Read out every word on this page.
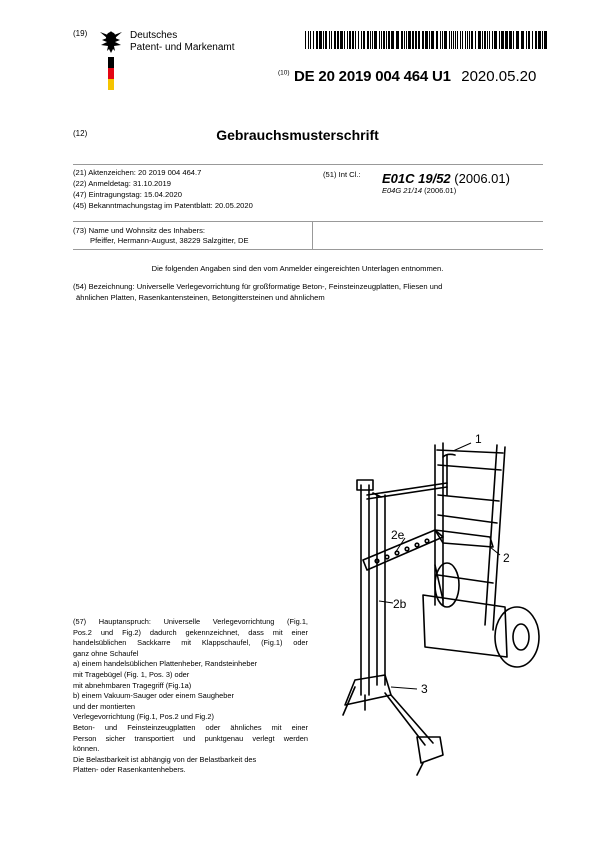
(19)	Deutsches
Patent- und Markenamt
$^{(10)}$ DE 20 2019 004 464 U1 2020.05.20
(12)	Gebrauchsmusterschrift
(21) Aktenzeichen: 20 2019 004 464.7
(22) Anmeldetag: 31.10.2019
(47) Eintragungstag: 15.04.2020
(45) Bekanntmachungstag im Patentblatt: 20.05.2020
(51) Int Cl.: E01C 19/52 (2006.01)
E04G 21/14 (2006.01)
(73) Name und Wohnsitz des Inhabers:
Pfeiffer, Hermann-August, 38229 Salzgitter, DE
Die folgenden Angaben sind den vom Anmelder eingereichten Unterlagen entnommen.
(54) Bezeichnung: Universelle Verlegevorrichtung für großformatige Beton-, Feinsteinzeugplatten, Fliesen und
ähnlichen Platten, Rasenkantensteinen, Betongittersteinen und ähnlichem
1
2
2e
2b
3
(57) Hauptanspruch: Universelle Verlegevorrichtung (Fig.1,
Pos.2 und Fig.2) dadurch gekennzeichnet, dass mit einer
handelsüblichen Sackkarre mit Klappschaufel, (Fig.1) oder
ganz ohne Schaufel
a) einem handelsüblichen Plattenheber, Randsteinheber
mit Tragebügel (Fig. 1, Pos. 3) oder
mit abnehmbaren Tragegriff (Fig.1a)
b) einem Vakuum-Sauger oder einem Saugheber
und der montierten
Verlegevorrichtung (Fig.1, Pos.2 und Fig.2)
Beton- und Feinsteinzeugplatten oder ähnliches mit einer
Person sicher transportiert und punktgenau verlegt werden
können.
Die Belastbarkeit ist abhängig von der Belastbarkeit des
Platten- oder Rasenkantenhebers.
